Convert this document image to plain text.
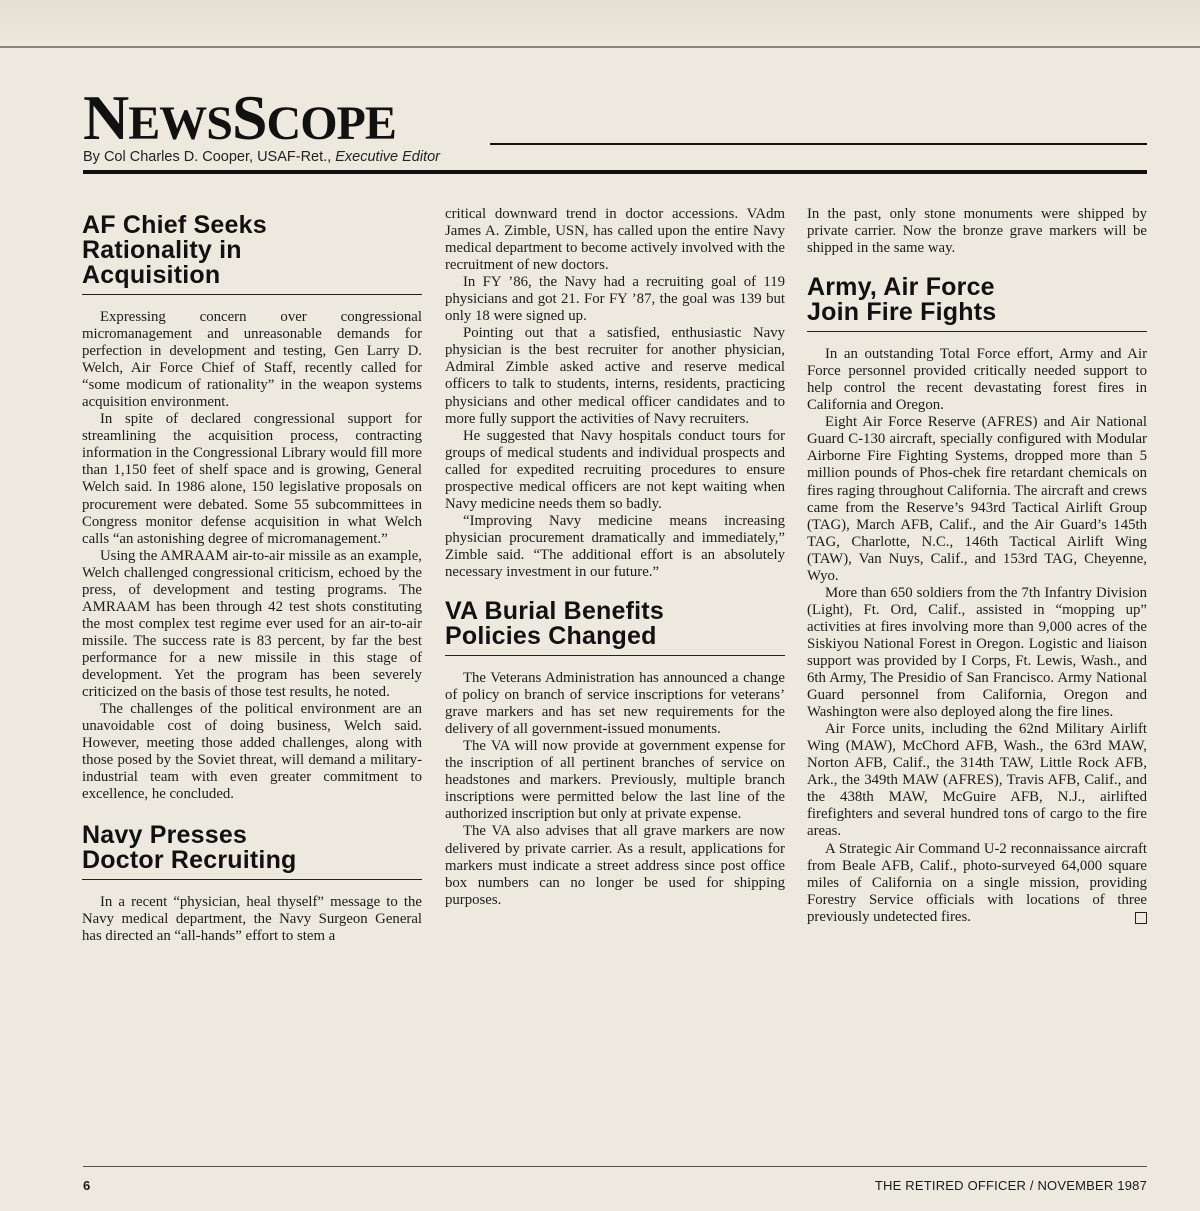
NEWSSCOPE
By Col Charles D. Cooper, USAF-Ret., Executive Editor
AF Chief Seeks
Rationality in
Acquisition

Expressing concern over congressional micromanagement and unreasonable demands for perfection in development and testing, Gen Larry D. Welch, Air Force Chief of Staff, recently called for “some modicum of rationality” in the weapon systems acquisition environment.

In spite of declared congressional support for streamlining the acquisition process, contracting information in the Congressional Library would fill more than 1,150 feet of shelf space and is growing, General Welch said. In 1986 alone, 150 legislative proposals on procurement were debated. Some 55 subcommittees in Congress monitor defense acquisition in what Welch calls “an astonishing degree of micromanagement.”

Using the AMRAAM air-to-air missile as an example, Welch challenged congressional criticism, echoed by the press, of development and testing programs. The AMRAAM has been through 42 test shots constituting the most complex test regime ever used for an air-to-air missile. The success rate is 83 percent, by far the best performance for a new missile in this stage of development. Yet the program has been severely criticized on the basis of those test results, he noted.

The challenges of the political environment are an unavoidable cost of doing business, Welch said. However, meeting those added challenges, along with those posed by the Soviet threat, will demand a military-industrial team with even greater commitment to excellence, he concluded.

Navy Presses
Doctor Recruiting

In a recent “physician, heal thyself” message to the Navy medical department, the Navy Surgeon General has directed an “all-hands” effort to stem a

critical downward trend in doctor accessions. VAdm James A. Zimble, USN, has called upon the entire Navy medical department to become actively involved with the recruitment of new doctors.

In FY ’86, the Navy had a recruiting goal of 119 physicians and got 21. For FY ’87, the goal was 139 but only 18 were signed up.

Pointing out that a satisfied, enthusiastic Navy physician is the best recruiter for another physician, Admiral Zimble asked active and reserve medical officers to talk to students, interns, residents, practicing physicians and other medical officer candidates and to more fully support the activities of Navy recruiters.

He suggested that Navy hospitals conduct tours for groups of medical students and individual prospects and called for expedited recruiting procedures to ensure prospective medical officers are not kept waiting when Navy medicine needs them so badly.

“Improving Navy medicine means increasing physician procurement dramatically and immediately,” Zimble said. “The additional effort is an absolutely necessary investment in our future.”

VA Burial Benefits
Policies Changed

The Veterans Administration has announced a change of policy on branch of service inscriptions for veterans’ grave markers and has set new requirements for the delivery of all government-issued monuments.

The VA will now provide at government expense for the inscription of all pertinent branches of service on headstones and markers. Previously, multiple branch inscriptions were permitted below the last line of the authorized inscription but only at private expense.

The VA also advises that all grave markers are now delivered by private carrier. As a result, applications for markers must indicate a street address since post office box numbers can no longer be used for shipping purposes.

In the past, only stone monuments were shipped by private carrier. Now the bronze grave markers will be shipped in the same way.

Army, Air Force
Join Fire Fights

In an outstanding Total Force effort, Army and Air Force personnel provided critically needed support to help control the recent devastating forest fires in California and Oregon.

Eight Air Force Reserve (AFRES) and Air National Guard C-130 aircraft, specially configured with Modular Airborne Fire Fighting Systems, dropped more than 5 million pounds of Phos-chek fire retardant chemicals on fires raging throughout California. The aircraft and crews came from the Reserve’s 943rd Tactical Airlift Group (TAG), March AFB, Calif., and the Air Guard’s 145th TAG, Charlotte, N.C., 146th Tactical Airlift Wing (TAW), Van Nuys, Calif., and 153rd TAG, Cheyenne, Wyo.

More than 650 soldiers from the 7th Infantry Division (Light), Ft. Ord, Calif., assisted in “mopping up” activities at fires involving more than 9,000 acres of the Siskiyou National Forest in Oregon. Logistic and liaison support was provided by I Corps, Ft. Lewis, Wash., and 6th Army, The Presidio of San Francisco. Army National Guard personnel from California, Oregon and Washington were also deployed along the fire lines.

Air Force units, including the 62nd Military Airlift Wing (MAW), McChord AFB, Wash., the 63rd MAW, Norton AFB, Calif., the 314th TAW, Little Rock AFB, Ark., the 349th MAW (AFRES), Travis AFB, Calif., and the 438th MAW, McGuire AFB, N.J., airlifted firefighters and several hundred tons of cargo to the fire areas.

A Strategic Air Command U-2 reconnaissance aircraft from Beale AFB, Calif., photo-surveyed 64,000 square miles of California on a single mission, providing Forestry Service officials with locations of three previously undetected fires.

6	THE RETIRED OFFICER / NOVEMBER 1987
